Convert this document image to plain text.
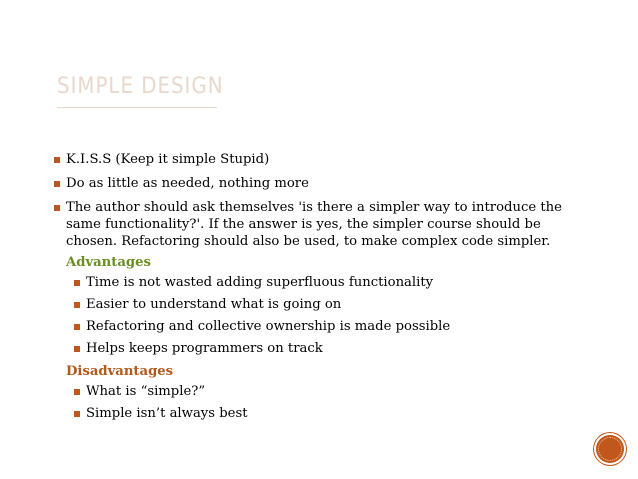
SIMPLE DESIGN
K.I.S.S (Keep it simple Stupid)
Do as little as needed, nothing more
The author should ask themselves 'is there a simpler way to introduce the same functionality?'. If the answer is yes, the simpler course should be chosen. Refactoring should also be used, to make complex code simpler.
Advantages
Time is not wasted adding superfluous functionality
Easier to understand what is going on
Refactoring and collective ownership is made possible
Helps keeps programmers on track
Disadvantages
What is “simple?”
Simple isn’t always best
